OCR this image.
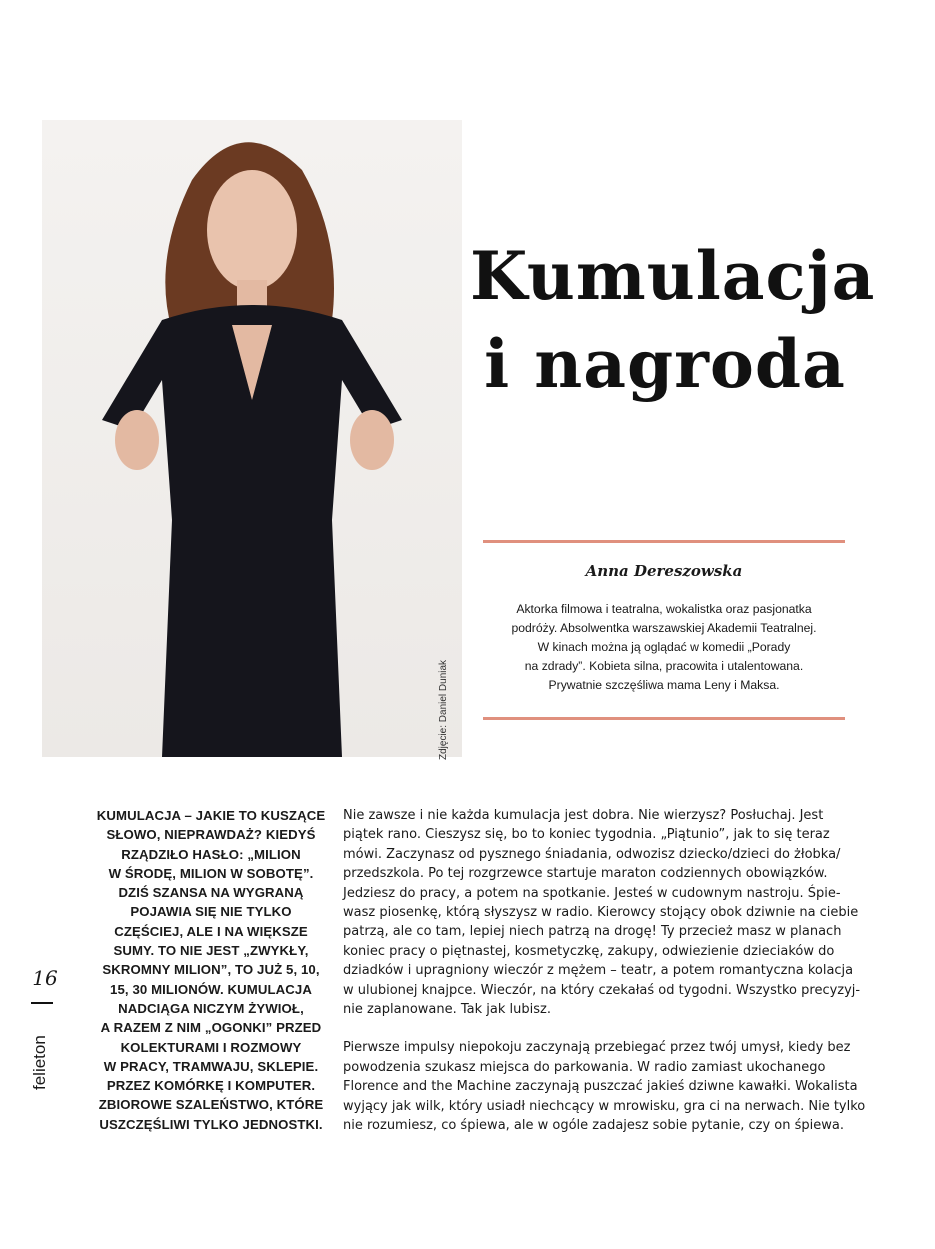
Zdjęcie: Daniel Duniak
Kumulacja
i nagroda
Anna Dereszowska
Aktorka filmowa i teatralna, wokalistka oraz pasjonatka
podróży. Absolwentka warszawskiej Akademii Teatralnej.
W kinach można ją oglądać w komedii „Porady
na zdrady”. Kobieta silna, pracowita i utalentowana.
Prywatnie szczęśliwa mama Leny i Maksa.
KUMULACJA – JAKIE TO KUSZĄCE
SŁOWO, NIEPRAWDAŻ? KIEDYŚ
RZĄDZIŁO HASŁO: „MILION
W ŚRODĘ, MILION W SOBOTĘ”.
DZIŚ SZANSA NA WYGRANĄ
POJAWIA SIĘ NIE TYLKO
CZĘŚCIEJ, ALE I NA WIĘKSZE
SUMY. TO NIE JEST „ZWYKŁY,
SKROMNY MILION”, TO JUŻ 5, 10,
15, 30 MILIONÓW. KUMULACJA
NADCIĄGA NICZYM ŻYWIOŁ,
A RAZEM Z NIM „OGONKI” PRZED
KOLEKTURAMI I ROZMOWY
W PRACY, TRAMWAJU, SKLEPIE.
PRZEZ KOMÓRKĘ I KOMPUTER.
ZBIOROWE SZALEŃSTWO, KTÓRE
USZCZĘŚLIWI TYLKO JEDNOSTKI.
Nie zawsze i nie każda kumulacja jest dobra. Nie wierzysz? Posłuchaj. Jest
piątek rano. Cieszysz się, bo to koniec tygodnia. „Piątunio”, jak to się teraz
mówi. Zaczynasz od pysznego śniadania, odwozisz dziecko/dzieci do żłobka/
przedszkola. Po tej rozgrzewce startuje maraton codziennych obowiązków.
Jedziesz do pracy, a potem na spotkanie. Jesteś w cudownym nastroju. Śpie-
wasz piosenkę, którą słyszysz w radio. Kierowcy stojący obok dziwnie na ciebie
patrzą, ale co tam, lepiej niech patrzą na drogę! Ty przecież masz w planach
koniec pracy o piętnastej, kosmetyczkę, zakupy, odwiezienie dzieciaków do
dziadków i upragniony wieczór z mężem – teatr, a potem romantyczna kolacja
w ulubionej knajpce. Wieczór, na który czekałaś od tygodni. Wszystko precyzyj-
nie zaplanowane. Tak jak lubisz.
Pierwsze impulsy niepokoju zaczynają przebiegać przez twój umysł, kiedy bez
powodzenia szukasz miejsca do parkowania. W radio zamiast ukochanego
Florence and the Machine zaczynają puszczać jakieś dziwne kawałki. Wokalista
wyjący jak wilk, który usiadł niechcący w mrowisku, gra ci na nerwach. Nie tylko
nie rozumiesz, co śpiewa, ale w ogóle zadajesz sobie pytanie, czy on śpiewa.
16
felieton
